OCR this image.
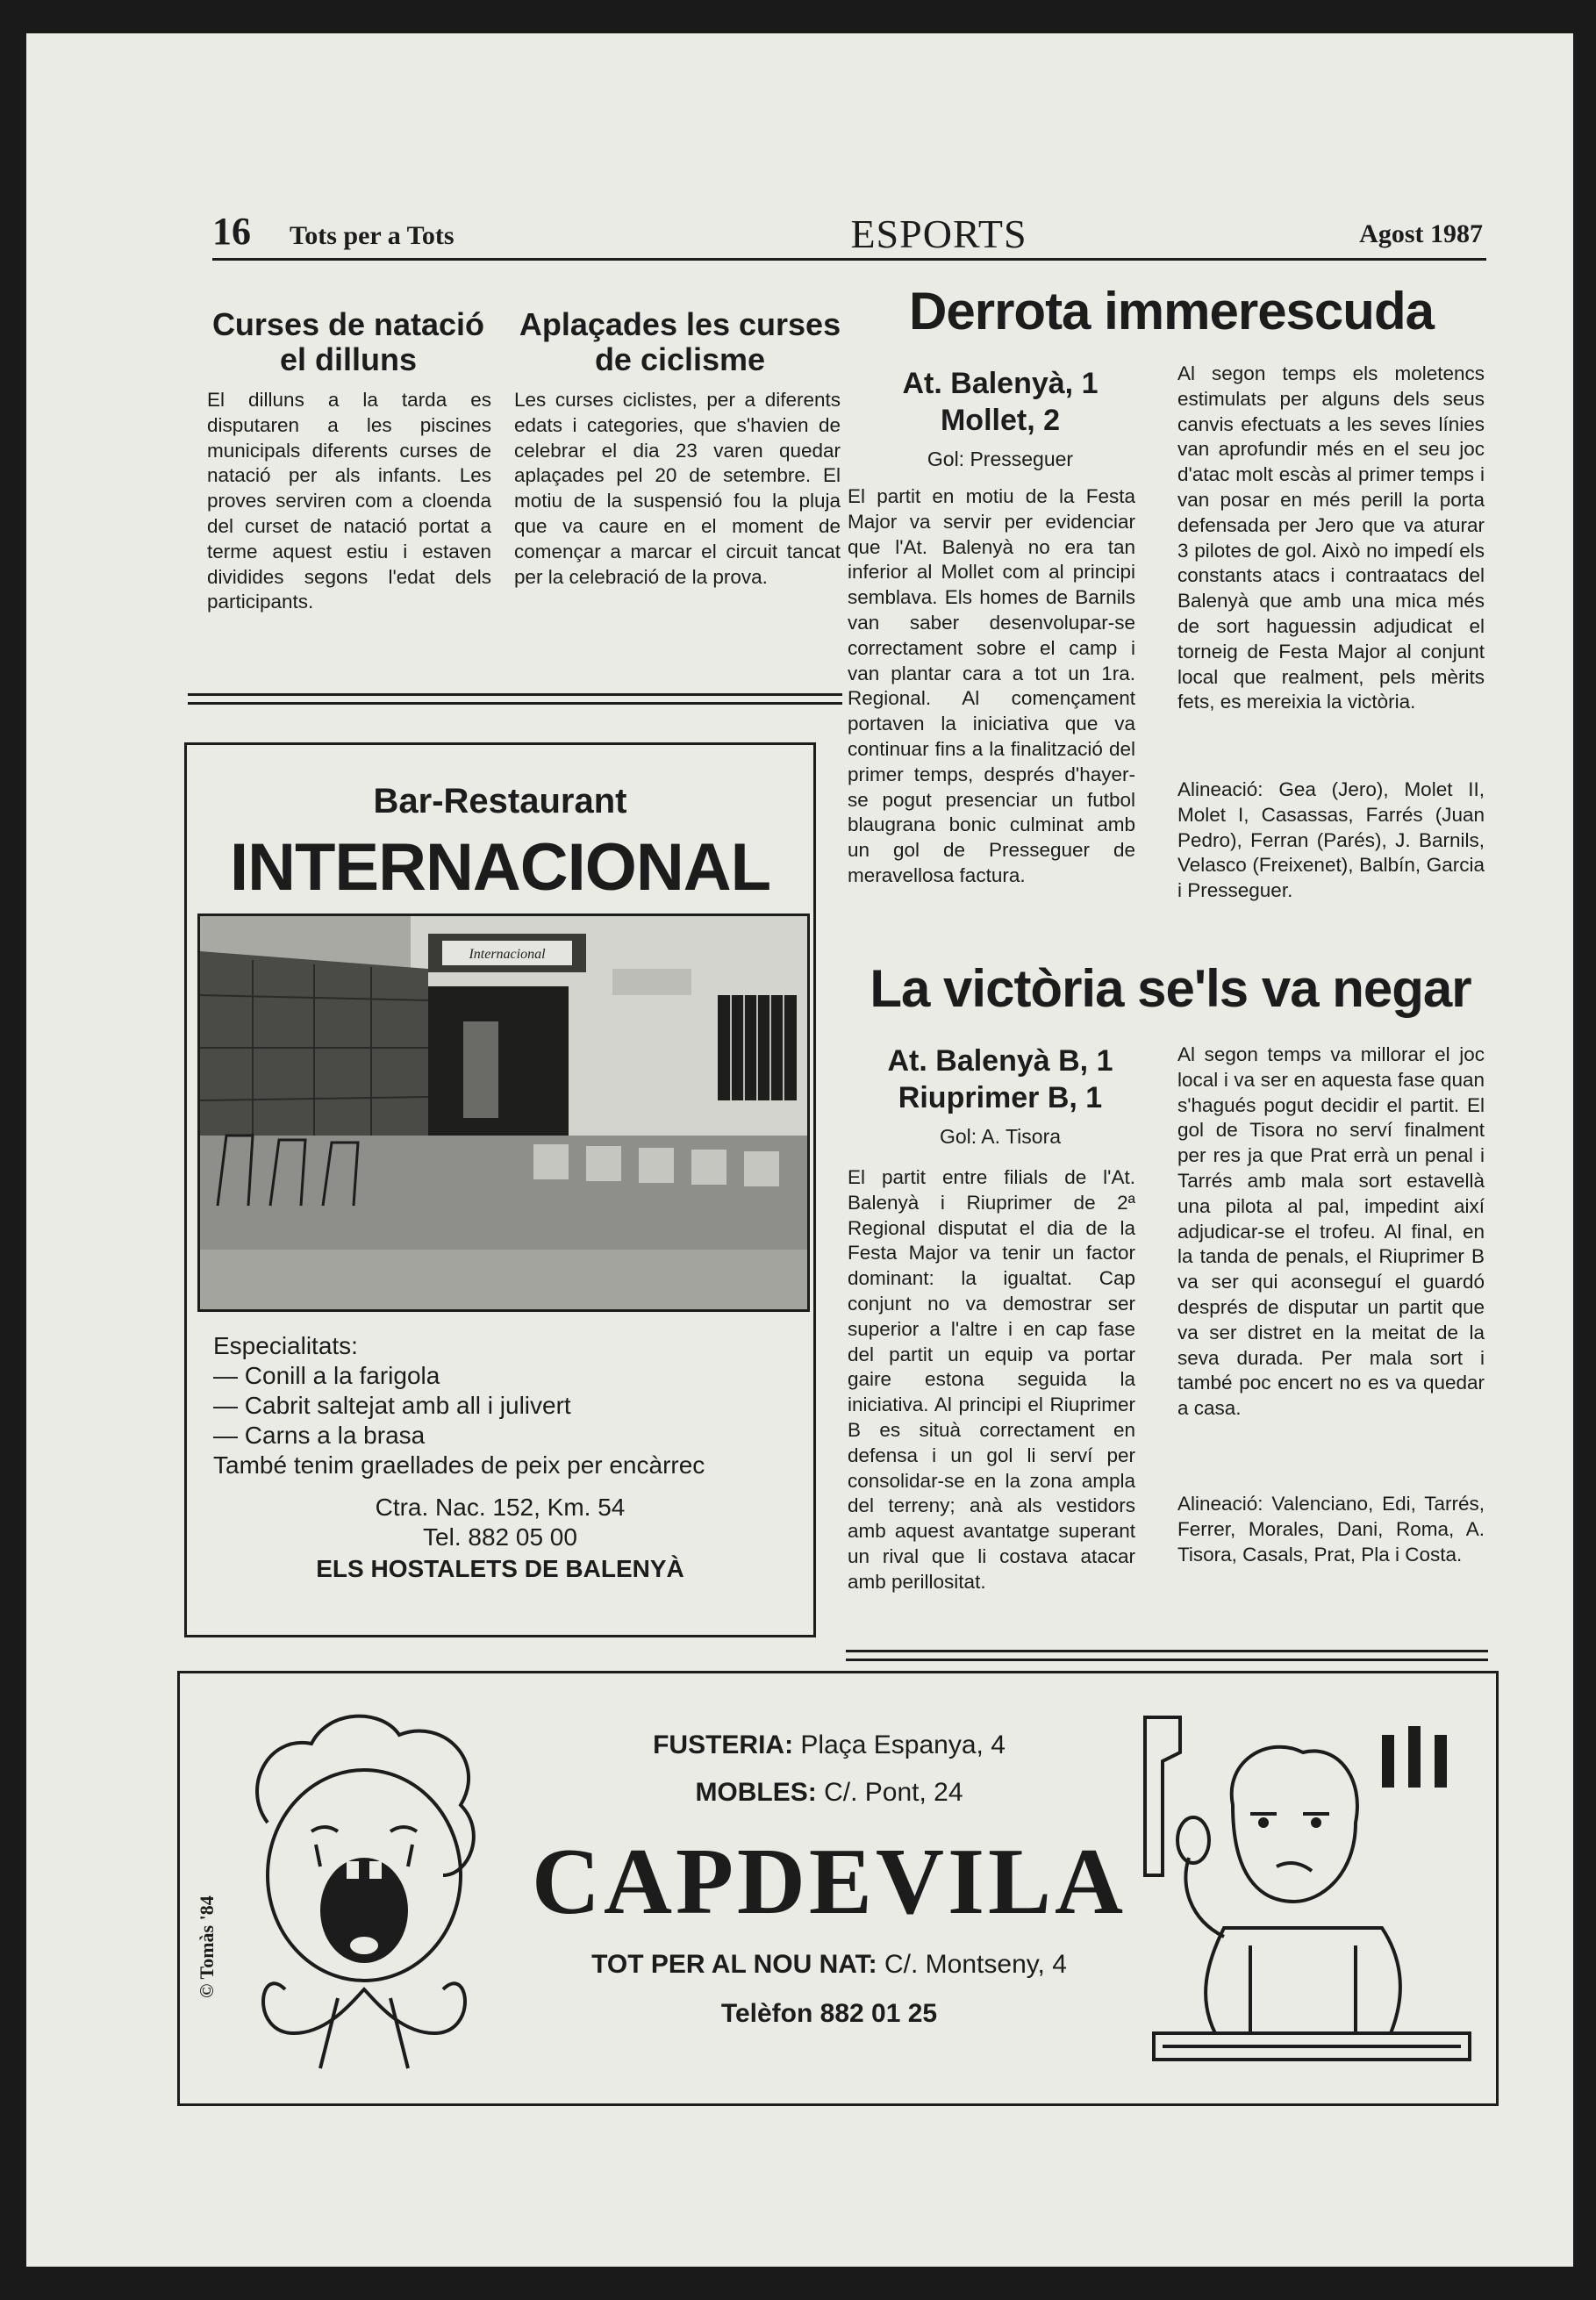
16 Tots per a Tots	ESPORTS	Agost 1987
Curses de natació el dilluns
El dilluns a la tarda es disputaren a les piscines municipals diferents curses de natació per als infants. Les proves serviren com a cloenda del curset de natació portat a terme aquest estiu i estaven dividides segons l'edat dels participants.
Aplaçades les curses de ciclisme
Les curses ciclistes, per a diferents edats i categories, que s'havien de celebrar el dia 23 varen quedar aplaçades pel 20 de setembre. El motiu de la suspensió fou la pluja que va caure en el moment de començar a marcar el circuit tancat per la celebració de la prova.
Derrota immerescuda
At. Balenyà, 1
Mollet, 2
Gol: Presseguer
El partit en motiu de la Festa Major va servir per evidenciar que l'At. Balenyà no era tan inferior al Mollet com al principi semblava. Els homes de Barnils van saber desenvolupar-se correctament sobre el camp i van plantar cara a tot un 1ra. Regional. Al començament portaven la iniciativa que va continuar fins a la finalització del primer temps, després d'hayer-se pogut presenciar un futbol blaugrana bonic culminat amb un gol de Presseguer de meravellosa factura.
Al segon temps els moletencs estimulats per alguns dels seus canvis efectuats a les seves línies van aprofundir més en el seu joc d'atac molt escàs al primer temps i van posar en més perill la porta defensada per Jero que va aturar 3 pilotes de gol. Això no impedí els constants atacs i contraatacs del Balenyà que amb una mica més de sort haguessin adjudicat el torneig de Festa Major al conjunt local que realment, pels mèrits fets, es mereixia la victòria.
Alineació: Gea (Jero), Molet II, Molet I, Casassas, Farrés (Juan Pedro), Ferran (Parés), J. Barnils, Velasco (Freixenet), Balbín, Garcia i Presseguer.
La victòria se'ls va negar
At. Balenyà B, 1
Riuprimer B, 1
Gol: A. Tisora
El partit entre filials de l'At. Balenyà i Riuprimer de 2ª Regional disputat el dia de la Festa Major va tenir un factor dominant: la igualtat. Cap conjunt no va demostrar ser superior a l'altre i en cap fase del partit un equip va portar gaire estona seguida la iniciativa. Al principi el Riuprimer B es situà correctament en defensa i un gol li serví per consolidar-se en la zona ampla del terreny; anà als vestidors amb aquest avantatge superant un rival que li costava atacar amb perillositat.
Al segon temps va millorar el joc local i va ser en aquesta fase quan s'hagués pogut decidir el partit. El gol de Tisora no serví finalment per res ja que Prat errà un penal i Tarrés amb mala sort estavellà una pilota al pal, impedint així adjudicar-se el trofeu. Al final, en la tanda de penals, el Riuprimer B va ser qui aconseguí el guardó després de disputar un partit que va ser distret en la meitat de la seva durada. Per mala sort i també poc encert no es va quedar a casa.
Alineació: Valenciano, Edi, Tarrés, Ferrer, Morales, Dani, Roma, A. Tisora, Casals, Prat, Pla i Costa.
Bar-Restaurant
INTERNACIONAL
Internacional
Especialitats:
— Conill a la farigola
— Cabrit saltejat amb all i julivert
— Carns a la brasa
També tenim graellades de peix per encàrrec
Ctra. Nac. 152, Km. 54
Tel. 882 05 00
ELS HOSTALETS DE BALENYÀ
© Tomàs '84
FUSTERIA: Plaça Espanya, 4
MOBLES: C/. Pont, 24
CAPDEVILA
TOT PER AL NOU NAT: C/. Montseny, 4
Telèfon 882 01 25
